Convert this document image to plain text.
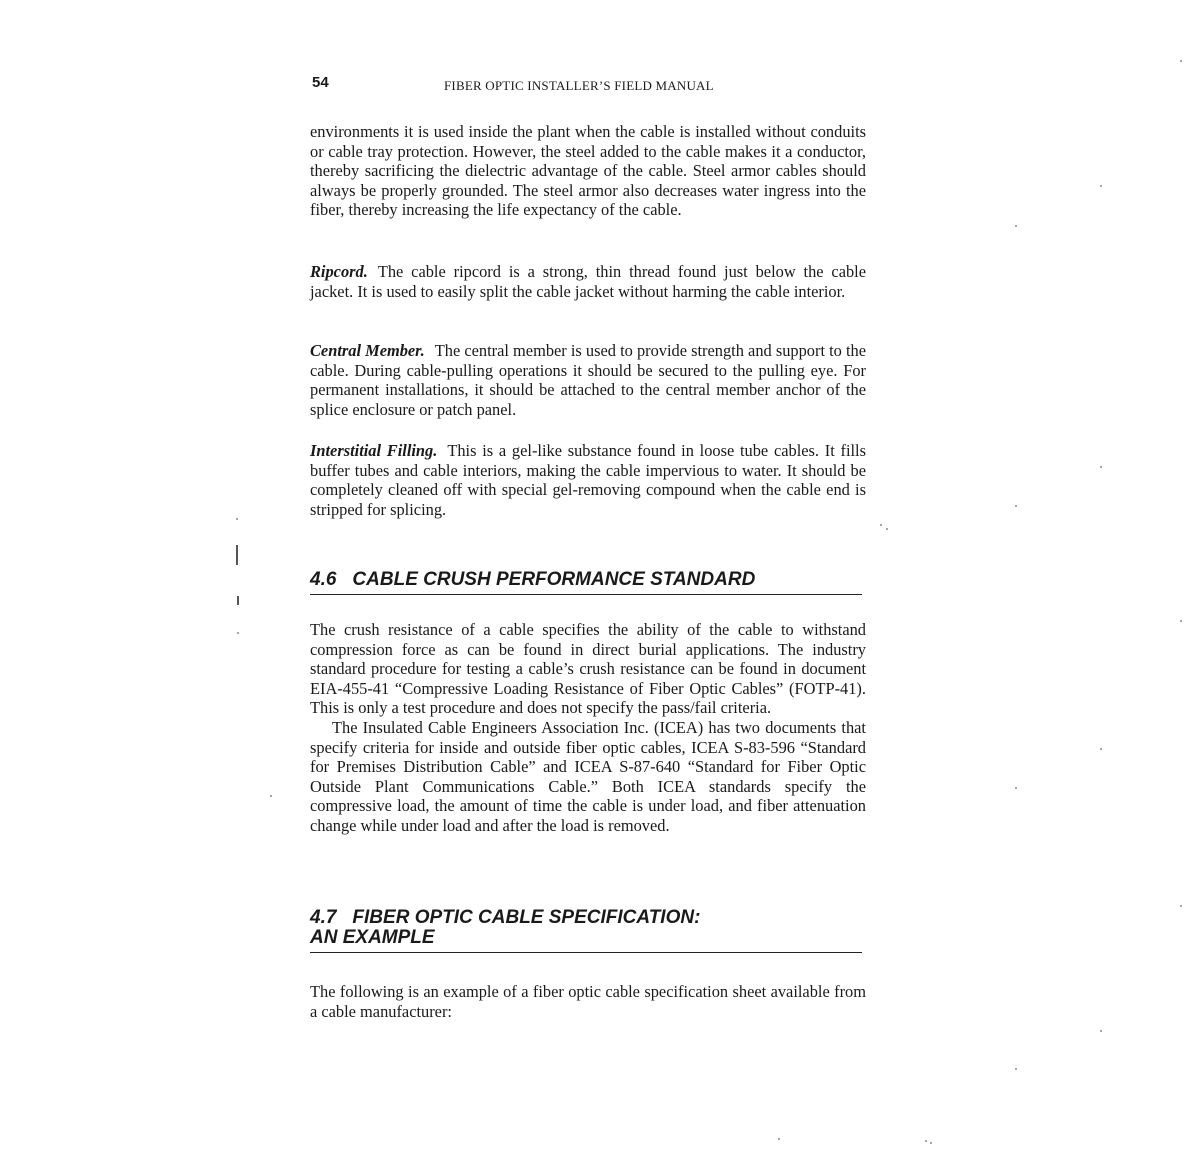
54	FIBER OPTIC INSTALLER’S FIELD MANUAL

environments it is used inside the plant when the cable is installed without conduits or cable tray protection. However, the steel added to the cable makes it a conductor, thereby sacrificing the dielectric advantage of the cable. Steel armor cables should always be properly grounded. The steel armor also decreases water ingress into the fiber, thereby increasing the life expectancy of the cable.

Ripcord. The cable ripcord is a strong, thin thread found just below the cable jacket. It is used to easily split the cable jacket without harming the cable interior.

Central Member. The central member is used to provide strength and support to the cable. During cable-pulling operations it should be secured to the pulling eye. For permanent installations, it should be attached to the central member anchor of the splice enclosure or patch panel.

Interstitial Filling. This is a gel-like substance found in loose tube cables. It fills buffer tubes and cable interiors, making the cable impervious to water. It should be completely cleaned off with special gel-removing compound when the cable end is stripped for splicing.

4.6 CABLE CRUSH PERFORMANCE STANDARD

The crush resistance of a cable specifies the ability of the cable to withstand compression force as can be found in direct burial applications. The industry standard procedure for testing a cable’s crush resistance can be found in document EIA-455-41 “Compressive Loading Resistance of Fiber Optic Cables” (FOTP-41). This is only a test procedure and does not specify the pass/fail criteria.

The Insulated Cable Engineers Association Inc. (ICEA) has two documents that specify criteria for inside and outside fiber optic cables, ICEA S-83-596 “Standard for Premises Distribution Cable” and ICEA S-87-640 “Standard for Fiber Optic Outside Plant Communications Cable.” Both ICEA standards specify the compressive load, the amount of time the cable is under load, and fiber attenuation change while under load and after the load is removed.

4.7 FIBER OPTIC CABLE SPECIFICATION:
AN EXAMPLE

The following is an example of a fiber optic cable specification sheet available from a cable manufacturer:
